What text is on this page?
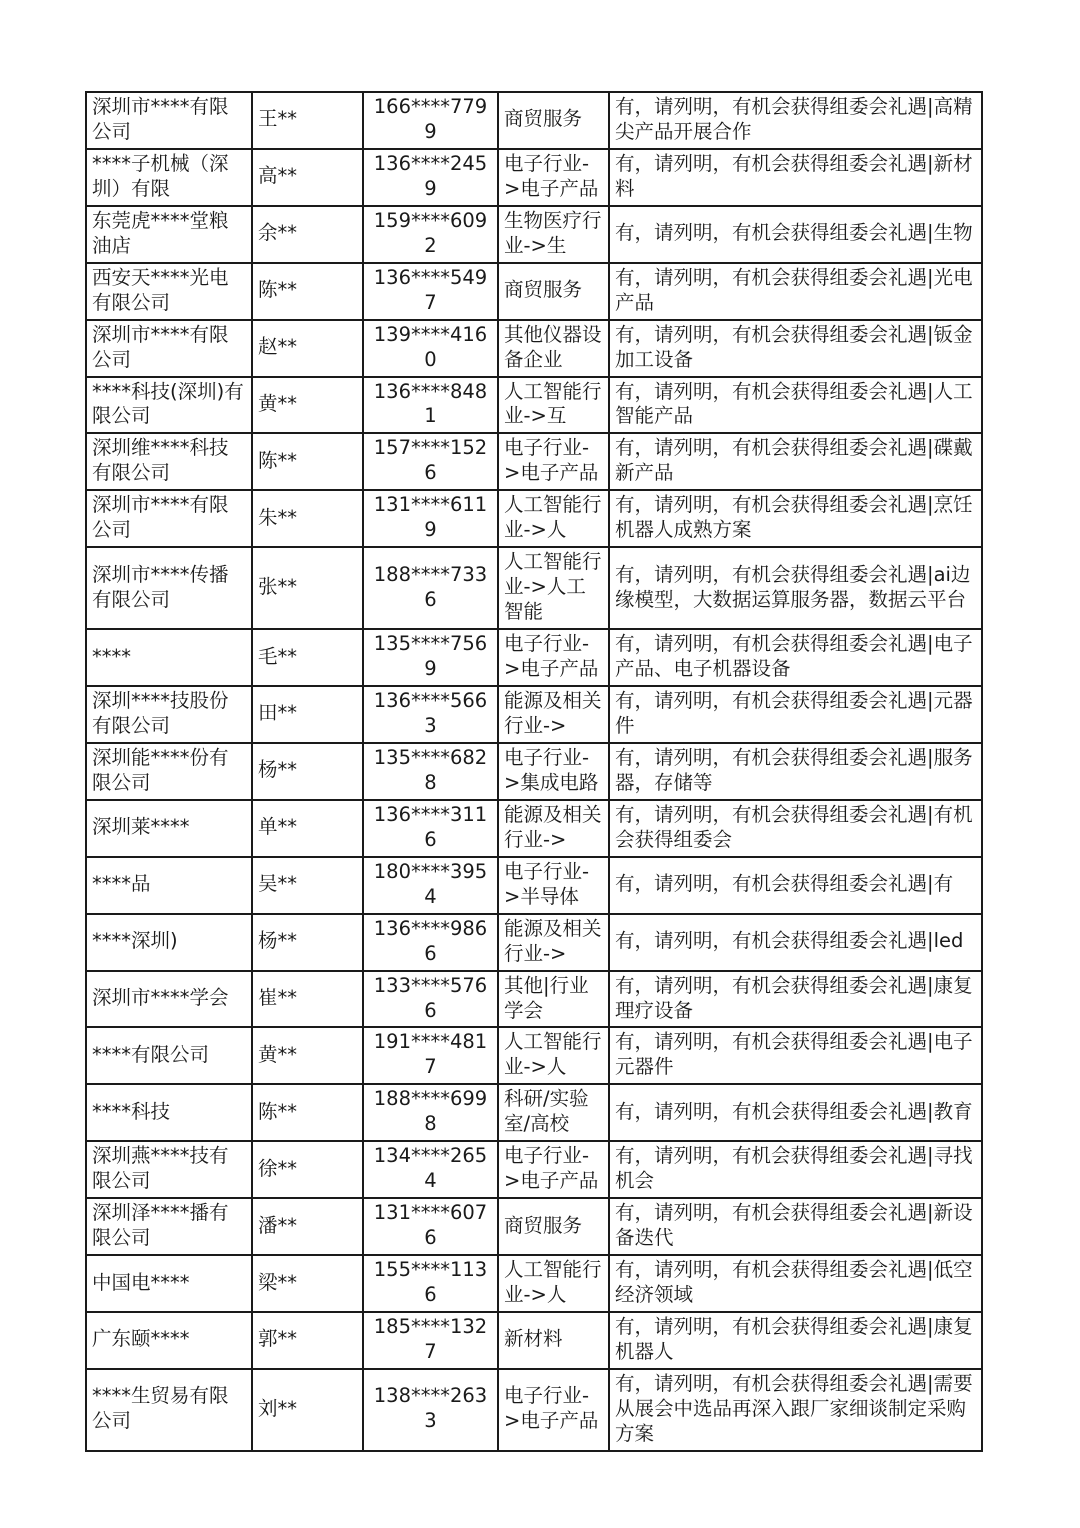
深圳市****有限公司	王**	166****7799	商贸服务	有，请列明，有机会获得组委会礼遇|高精尖产品开展合作
****子机械（深圳）有限	高**	136****2459	电子行业->电子产品	有，请列明，有机会获得组委会礼遇|新材料
东莞虎****堂粮油店	余**	159****6092	生物医疗行业->生	有，请列明，有机会获得组委会礼遇|生物
西安天****光电有限公司	陈**	136****5497	商贸服务	有，请列明，有机会获得组委会礼遇|光电产品
深圳市****有限公司	赵**	139****4160	其他仪器设备企业	有，请列明，有机会获得组委会礼遇|钣金加工设备
****科技(深圳)有限公司	黄**	136****8481	人工智能行业->互	有，请列明，有机会获得组委会礼遇|人工智能产品
深圳维****科技有限公司	陈**	157****1526	电子行业->电子产品	有，请列明，有机会获得组委会礼遇|碟戴新产品
深圳市****有限公司	朱**	131****6119	人工智能行业->人	有，请列明，有机会获得组委会礼遇|烹饪机器人成熟方案
深圳市****传播有限公司	张**	188****7336	人工智能行业->人工智能	有，请列明，有机会获得组委会礼遇|ai边缘模型，大数据运算服务器，数据云平台
****	毛**	135****7569	电子行业->电子产品	有，请列明，有机会获得组委会礼遇|电子产品、电子机器设备
深圳****技股份有限公司	田**	136****5663	能源及相关行业->	有，请列明，有机会获得组委会礼遇|元器件
深圳能****份有限公司	杨**	135****6828	电子行业->集成电路	有，请列明，有机会获得组委会礼遇|服务器，存储等
深圳莱****	单**	136****3116	能源及相关行业->	有，请列明，有机会获得组委会礼遇|有机会获得组委会
****品	吴**	180****3954	电子行业->半导体	有，请列明，有机会获得组委会礼遇|有
****深圳)	杨**	136****9866	能源及相关行业->	有，请列明，有机会获得组委会礼遇|led
深圳市****学会	崔**	133****5766	其他|行业学会	有，请列明，有机会获得组委会礼遇|康复理疗设备
****有限公司	黄**	191****4817	人工智能行业->人	有，请列明，有机会获得组委会礼遇|电子元器件
****科技	陈**	188****6998	科研/实验室/高校	有，请列明，有机会获得组委会礼遇|教育
深圳燕****技有限公司	徐**	134****2654	电子行业->电子产品	有，请列明，有机会获得组委会礼遇|寻找机会
深圳泽****播有限公司	潘**	131****6076	商贸服务	有，请列明，有机会获得组委会礼遇|新设备迭代
中国电****	梁**	155****1136	人工智能行业->人	有，请列明，有机会获得组委会礼遇|低空经济领域
广东颐****	郭**	185****1327	新材料	有，请列明，有机会获得组委会礼遇|康复机器人
****生贸易有限公司	刘**	138****2633	电子行业->电子产品	有，请列明，有机会获得组委会礼遇|需要从展会中选品再深入跟厂家细谈制定采购方案
